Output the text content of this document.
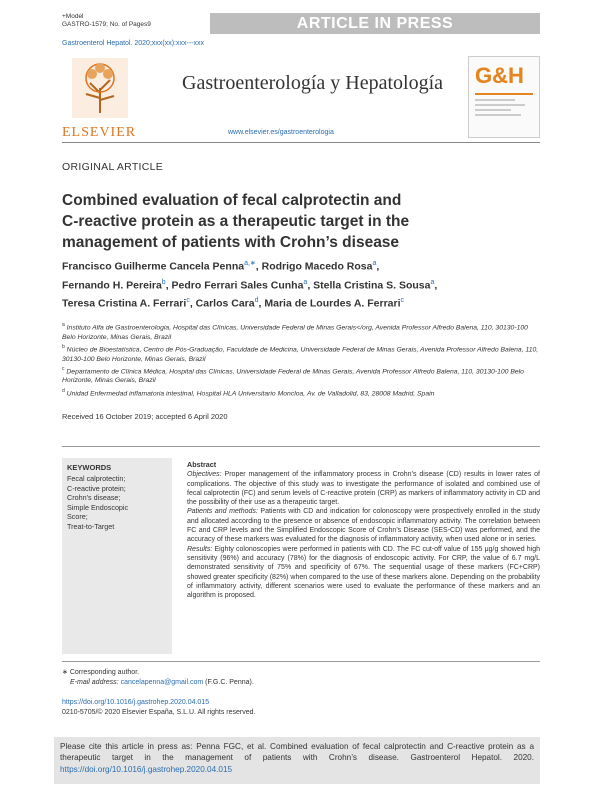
+Model
GASTRO-1579; No. of Pages9	ARTICLE IN PRESS
Gastroenterol Hepatol. 2020;xxx(xx):xxx---xxx
ELSEVIER
Gastroenterología y Hepatología
www.elsevier.es/gastroenterologia
G&H
ORIGINAL ARTICLE
Combined evaluation of fecal calprotectin and
C-reactive protein as a therapeutic target in the
management of patients with Crohn’s disease
Francisco Guilherme Cancela Penna$^{a,∗}$, Rodrigo Macedo Rosa$^a$,
Fernando H. Pereira$^b$, Pedro Ferrari Sales Cunha$^a$, Stella Cristina S. Sousa$^a$,
Teresa Cristina A. Ferrari$^c$, Carlos Cara$^d$, Maria de Lourdes A. Ferrari$^c$

$^a$ Instituto Alfa de Gastroenterologia, Hospital das Clínicas, Universidade Federal de Minas Gerais</org, Avenida Professor Alfredo Balena, 110, 30130-100 Belo Horizonte, Minas Gerais, Brazil

$^b$ Núcleo de Bioestatística, Centro de Pós-Graduação, Faculdade de Medicina, Universidade Federal de Minas Gerais, Avenida Professor Alfredo Balena, 110, 30130-100 Belo Horizonte, Minas Gerais, Brazil

$^c$ Departamento de Clínica Médica, Hospital das Clínicas, Universidade Federal de Minas Gerais, Avenida Professor Alfredo Balena, 110, 30130-100 Belo Horizonte, Minas Gerais, Brazil

$^d$ Unidad Enfermedad inflamatoria intestinal, Hospital HLA Universitario Moncloa, Av. de Valladolid, 83, 28008 Madrid, Spain

Received 16 October 2019; accepted 6 April 2020
KEYWORDS
Fecal calprotectin;
C-reactive protein;
Crohn’s disease;
Simple Endoscopic
Score;
Treat-to-Target
Abstract

Objectives: Proper management of the inflammatory process in Crohn’s disease (CD) results in lower rates of complications. The objective of this study was to investigate the performance of isolated and combined use of fecal calprotectin (FC) and serum levels of C-reactive protein (CRP) as markers of inflammatory activity in CD and the possibility of their use as a therapeutic target.

Patients and methods: Patients with CD and indication for colonoscopy were prospectively enrolled in the study and allocated according to the presence or absence of endoscopic inflammatory activity. The correlation between FC and CRP levels and the Simplified Endoscopic Score of Crohn’s Disease (SES-CD) was performed, and the accuracy of these markers was evaluated for the diagnosis of inflammatory activity, when used alone or in series.

Results: Eighty colonoscopies were performed in patients with CD. The FC cut-off value of 155 μg/g showed high sensitivity (96%) and accuracy (78%) for the diagnosis of endoscopic activity. For CRP, the value of 6.7 mg/L demonstrated sensitivity of 75% and specificity of 67%. The sequential usage of these markers (FC+CRP) showed greater specificity (82%) when compared to the use of these markers alone. Depending on the probability of inflammatory activity, different scenarios were used to evaluate the performance of these markers and an algorithm is proposed.

∗ Corresponding author.
E-mail address: cancelapenna@gmail.com (F.G.C. Penna).
https://doi.org/10.1016/j.gastrohep.2020.04.015
0210-5705/© 2020 Elsevier España, S.L.U. All rights reserved.
Please cite this article in press as: Penna FGC, et al. Combined evaluation of fecal calprotectin and C-reactive protein as a therapeutic target in the management of patients with Crohn’s disease. Gastroenterol Hepatol. 2020. https://doi.org/10.1016/j.gastrohep.2020.04.015
